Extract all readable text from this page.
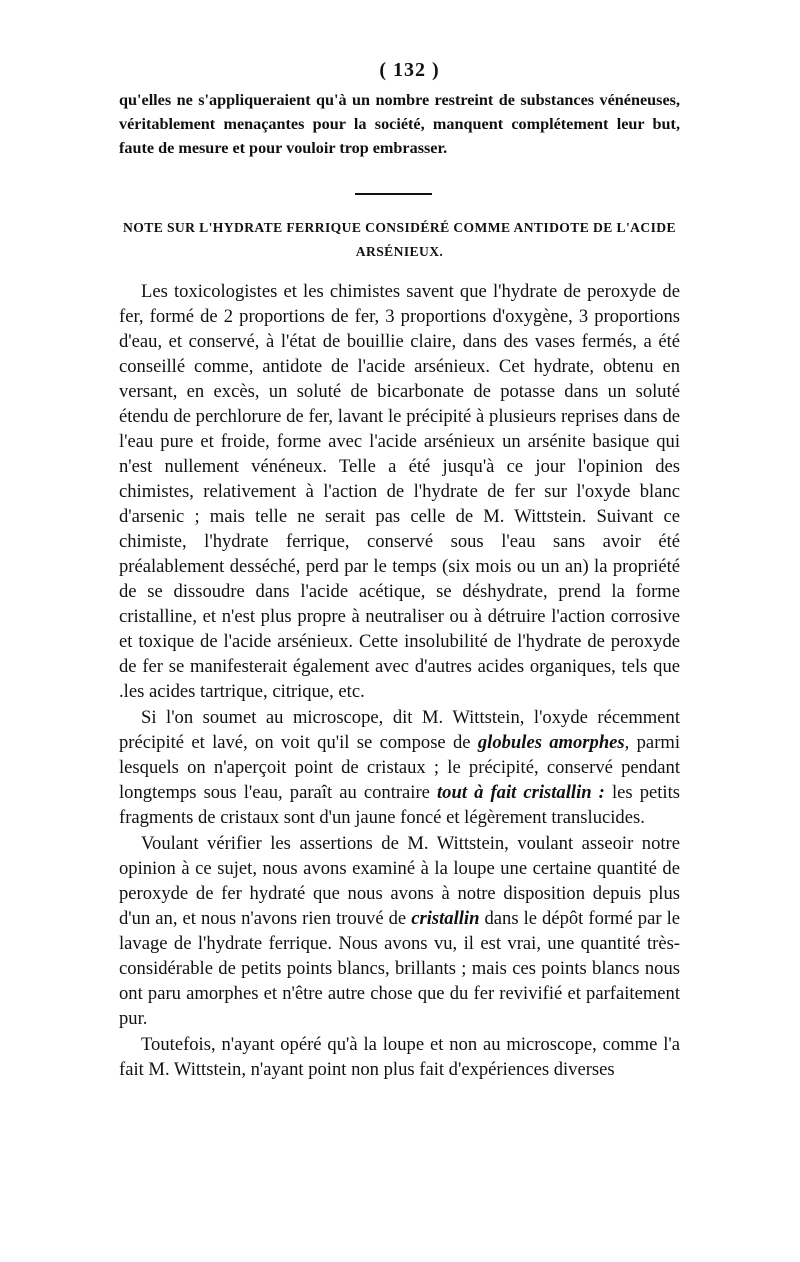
( 132 )
qu'elles ne s'appliqueraient qu'à un nombre restreint de substances vénéneuses, véritablement menaçantes pour la société, manquent complétement leur but, faute de mesure et pour vouloir trop embrasser.
NOTE SUR L'HYDRATE FERRIQUE CONSIDÉRÉ COMME ANTIDOTE DE L'ACIDE ARSÉNIEUX.

Les toxicologistes et les chimistes savent que l'hydrate de peroxyde de fer, formé de 2 proportions de fer, 3 proportions d'oxygène, 3 proportions d'eau, et conservé, à l'état de bouillie claire, dans des vases fermés, a été conseillé comme, antidote de l'acide arsénieux. Cet hydrate, obtenu en versant, en excès, un soluté de bicarbonate de potasse dans un soluté étendu de perchlorure de fer, lavant le précipité à plusieurs reprises dans de l'eau pure et froide, forme avec l'acide arsénieux un arsénite basique qui n'est nullement vénéneux. Telle a été jusqu'à ce jour l'opinion des chimistes, relativement à l'action de l'hydrate de fer sur l'oxyde blanc d'arsenic ; mais telle ne serait pas celle de M. Wittstein. Suivant ce chimiste, l'hydrate ferrique, conservé sous l'eau sans avoir été préalablement desséché, perd par le temps (six mois ou un an) la propriété de se dissoudre dans l'acide acétique, se déshydrate, prend la forme cristalline, et n'est plus propre à neutraliser ou à détruire l'action corrosive et toxique de l'acide arsénieux. Cette insolubilité de l'hydrate de peroxyde de fer se manifesterait également avec d'autres acides organiques, tels que .les acides tartrique, citrique, etc.

Si l'on soumet au microscope, dit M. Wittstein, l'oxyde récemment précipité et lavé, on voit qu'il se compose de globules amorphes, parmi lesquels on n'aperçoit point de cristaux ; le précipité, conservé pendant longtemps sous l'eau, paraît au contraire tout à fait cristallin : les petits fragments de cristaux sont d'un jaune foncé et légèrement translucides.

Voulant vérifier les assertions de M. Wittstein, voulant asseoir notre opinion à ce sujet, nous avons examiné à la loupe une certaine quantité de peroxyde de fer hydraté que nous avons à notre disposition depuis plus d'un an, et nous n'avons rien trouvé de cristallin dans le dépôt formé par le lavage de l'hydrate ferrique. Nous avons vu, il est vrai, une quantité très-considérable de petits points blancs, brillants ; mais ces points blancs nous ont paru amorphes et n'être autre chose que du fer revivifié et parfaitement pur.

Toutefois, n'ayant opéré qu'à la loupe et non au microscope, comme l'a fait M. Wittstein, n'ayant point non plus fait d'expériences diverses
